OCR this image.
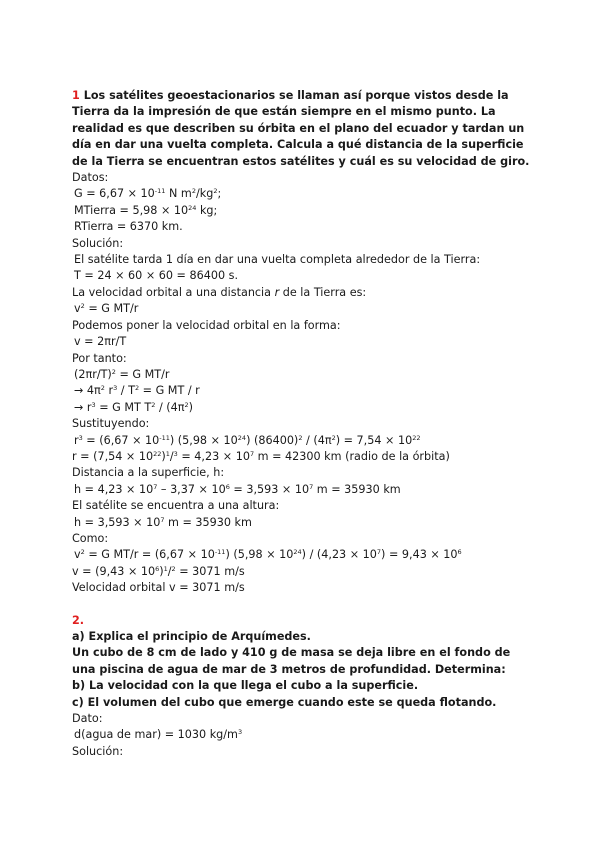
1 Los satélites geoestacionarios se llaman así porque vistos desde la Tierra da la impresión de que están siempre en el mismo punto. La realidad es que describen su órbita en el plano del ecuador y tardan un día en dar una vuelta completa. Calcula a qué distancia de la superficie de la Tierra se encuentran estos satélites y cuál es su velocidad de giro.
Datos:
$G = 6,67 \times 10^{-11}$ N $m^2/kg^2$;
MTierra = $5,98 \times 10^{24}$ kg;
RTierra = 6370 km.
Solución:
El satélite tarda 1 día en dar una vuelta completa alrededor de la Tierra:
T = 24 × 60 × 60 = 86400 s.
La velocidad orbital a una distancia r de la Tierra es:
$v^2 = G$ MT/r
Podemos poner la velocidad orbital en la forma:
v = 2πr/T
Por tanto:
$(2\pi r/T)^2 = G$ MT/r
→ $4\pi^2$ $r^3 / T^2 = G$ MT / r
→ $r^3 = G$ MT $T^2 / (4\pi^2)$
Sustituyendo:
$r^3 = (6,67 \times 10^{-11}) (5,98 \times 10^{24})$ $(86400)^2 / (4\pi^2) = 7,54 \times 10^{22}$
$r = (7,54 \times 10^{22})^1/^3 = 4,23 \times 10^7$ m = 42300 km (radio de la órbita)
Distancia a la superficie, h:
$h = 4,23 \times 10^7 - 3,37 \times 10^6 = 3,593 \times 10^7$ m = 35930 km
El satélite se encuentra a una altura:
$h = 3,593 \times 10^7$ m = 35930 km
Como:
$v^2 = G$ $MT/r = (6,67 \times 10^{-11})$ $(5,98 \times 10^{24}) / (4,23 \times 10^7) = 9,43 \times 10^6$
$v = (9,43 \times 10^6)^1/^2 = 3071$ m/s
Velocidad orbital v = 3071 m/s
2.
a) Explica el principio de Arquímedes.
Un cubo de 8 cm de lado y 410 g de masa se deja libre en el fondo de una piscina de agua de mar de 3 metros de profundidad. Determina:
b) La velocidad con la que llega el cubo a la superficie.
c) El volumen del cubo que emerge cuando este se queda flotando.
Dato:
d(agua de mar) = 1030 $kg/m^3$
Solución:
